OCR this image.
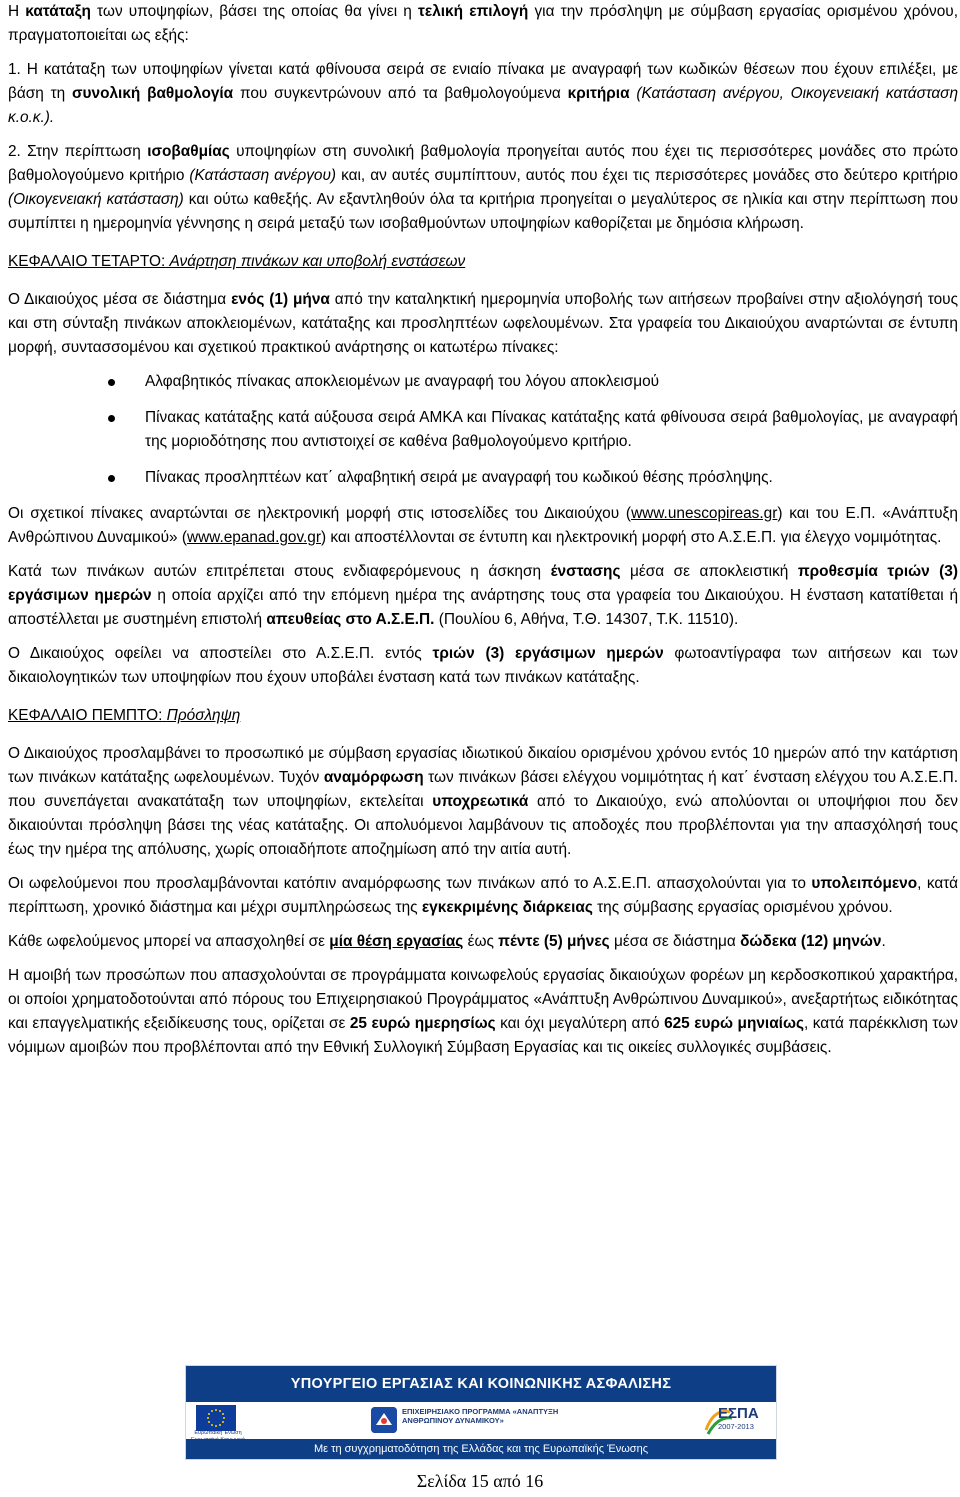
Η κατάταξη των υποψηφίων, βάσει της οποίας θα γίνει η τελική επιλογή για την πρόσληψη με σύμβαση εργασίας ορισμένου χρόνου, πραγματοποιείται ως εξής:

1. Η κατάταξη των υποψηφίων γίνεται κατά φθίνουσα σειρά σε ενιαίο πίνακα με αναγραφή των κωδικών θέσεων που έχουν επιλέξει, με βάση τη συνολική βαθμολογία που συγκεντρώνουν από τα βαθμολογούμενα κριτήρια (Κατάσταση ανέργου, Οικογενειακή κατάσταση κ.ο.κ.).

2. Στην περίπτωση ισοβαθμίας υποψηφίων στη συνολική βαθμολογία προηγείται αυτός που έχει τις περισσότερες μονάδες στο πρώτο βαθμολογούμενο κριτήριο (Κατάσταση ανέργου) και, αν αυτές συμπίπτουν, αυτός που έχει τις περισσότερες μονάδες στο δεύτερο κριτήριο (Οικογενειακή κατάσταση) και ούτω καθεξής. Αν εξαντληθούν όλα τα κριτήρια προηγείται ο μεγαλύτερος σε ηλικία και στην περίπτωση που συμπίπτει η ημερομηνία γέννησης η σειρά μεταξύ των ισοβαθμούντων υποψηφίων καθορίζεται με δημόσια κλήρωση.

ΚΕΦΑΛΑΙΟ ΤΕΤΑΡΤΟ: Ανάρτηση πινάκων και υποβολή ενστάσεων

Ο Δικαιούχος μέσα σε διάστημα ενός (1) μήνα από την καταληκτική ημερομηνία υποβολής των αιτήσεων προβαίνει στην αξιολόγησή τους και στη σύνταξη πινάκων αποκλειομένων, κατάταξης και προσληπτέων ωφελουμένων. Στα γραφεία του Δικαιούχου αναρτώνται σε έντυπη μορφή, συντασσομένου και σχετικού πρακτικού ανάρτησης οι κατωτέρω πίνακες:

Αλφαβητικός πίνακας αποκλειομένων με αναγραφή του λόγου αποκλεισμού
Πίνακας κατάταξης κατά αύξουσα σειρά ΑΜΚΑ και Πίνακας κατάταξης κατά φθίνουσα σειρά βαθμολογίας, με αναγραφή της μοριοδότησης που αντιστοιχεί σε καθένα βαθμολογούμενο κριτήριο.
Πίνακας προσληπτέων κατ΄ αλφαβητική σειρά με αναγραφή του κωδικού θέσης πρόσληψης.

Οι σχετικοί πίνακες αναρτώνται σε ηλεκτρονική μορφή στις ιστοσελίδες του Δικαιούχου (www.unescopireas.gr) και του Ε.Π. «Ανάπτυξη Ανθρώπινου Δυναμικού» (www.epanad.gov.gr) και αποστέλλονται σε έντυπη και ηλεκτρονική μορφή στο Α.Σ.Ε.Π. για έλεγχο νομιμότητας.

Κατά των πινάκων αυτών επιτρέπεται στους ενδιαφερόμενους η άσκηση ένστασης μέσα σε αποκλειστική προθεσμία τριών (3) εργάσιμων ημερών η οποία αρχίζει από την επόμενη ημέρα της ανάρτησης τους στα γραφεία του Δικαιούχου. Η ένσταση κατατίθεται ή αποστέλλεται με συστημένη επιστολή απευθείας στο Α.Σ.Ε.Π. (Πουλίου 6, Αθήνα, Τ.Θ. 14307, Τ.Κ. 11510).

Ο Δικαιούχος οφείλει να αποστείλει στο Α.Σ.Ε.Π. εντός τριών (3) εργάσιμων ημερών φωτοαντίγραφα των αιτήσεων και των δικαιολογητικών των υποψηφίων που έχουν υποβάλει ένσταση κατά των πινάκων κατάταξης.

ΚΕΦΑΛΑΙΟ ΠΕΜΠΤΟ: Πρόσληψη

Ο Δικαιούχος προσλαμβάνει το προσωπικό με σύμβαση εργασίας ιδιωτικού δικαίου ορισμένου χρόνου εντός 10 ημερών από την κατάρτιση των πινάκων κατάταξης ωφελουμένων. Τυχόν αναμόρφωση των πινάκων βάσει ελέγχου νομιμότητας ή κατ΄ ένσταση ελέγχου του Α.Σ.Ε.Π. που συνεπάγεται ανακατάταξη των υποψηφίων, εκτελείται υποχρεωτικά από το Δικαιούχο, ενώ απολύονται οι υποψήφιοι που δεν δικαιούνται πρόσληψη βάσει της νέας κατάταξης. Οι απολυόμενοι λαμβάνουν τις αποδοχές που προβλέπονται για την απασχόλησή τους έως την ημέρα της απόλυσης, χωρίς οποιαδήποτε αποζημίωση από την αιτία αυτή.

Οι ωφελούμενοι που προσλαμβάνονται κατόπιν αναμόρφωσης των πινάκων από το Α.Σ.Ε.Π. απασχολούνται για το υπολειπόμενο, κατά περίπτωση, χρονικό διάστημα και μέχρι συμπληρώσεως της εγκεκριμένης διάρκειας της σύμβασης εργασίας ορισμένου χρόνου.

Κάθε ωφελούμενος μπορεί να απασχοληθεί σε μία θέση εργασίας έως πέντε (5) μήνες μέσα σε διάστημα δώδεκα (12) μηνών.

Η αμοιβή των προσώπων που απασχολούνται σε προγράμματα κοινωφελούς εργασίας δικαιούχων φορέων μη κερδοσκοπικού χαρακτήρα, οι οποίοι χρηματοδοτούνται από πόρους του Επιχειρησιακού Προγράμματος «Ανάπτυξη Ανθρώπινου Δυναμικού», ανεξαρτήτως ειδικότητας και επαγγελματικής εξειδίκευσης τους, ορίζεται σε 25 ευρώ ημερησίως και όχι μεγαλύτερη από 625 ευρώ μηνιαίως, κατά παρέκκλιση των νόμιμων αμοιβών που προβλέπονται από την Εθνική Συλλογική Σύμβαση Εργασίας και τις οικείες συλλογικές συμβάσεις.

ΥΠΟΥΡΓΕΙΟ ΕΡΓΑΣΙΑΣ ΚΑΙ ΚΟΙΝΩΝΙΚΗΣ ΑΣΦΑΛΙΣΗΣ
Ευρωπαϊκή Ένωση
ΕΠΙΧΕΙΡΗΣΙΑΚΟ ΠΡΟΓΡΑΜΜΑ «ΑΝΑΠΤΥΞΗ ΑΝΘΡΩΠΙΝΟΥ ΔΥΝΑΜΙΚΟΥ»	ΕΣΠΑ
2007-2013
Με τη συγχρηματοδότηση της Ελλάδας και της Ευρωπαϊκής Ένωσης
Σελίδα 15 από 16
